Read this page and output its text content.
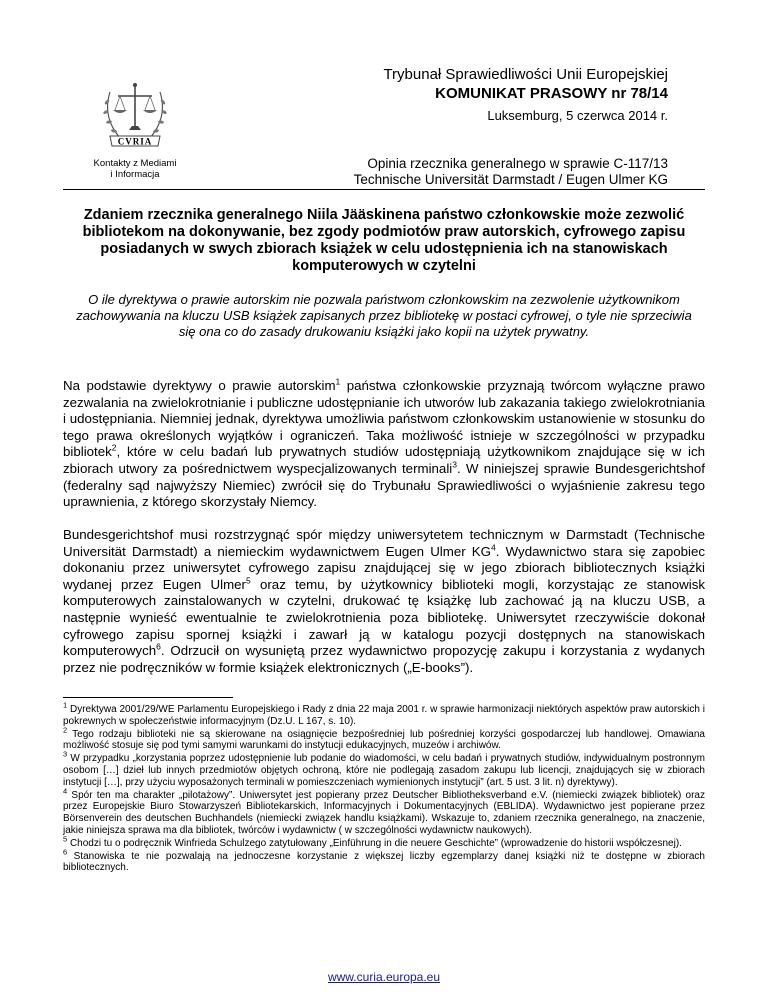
CVRIA
Kontakty z Mediami
i Informacja
Trybunał Sprawiedliwości Unii Europejskiej
KOMUNIKAT PRASOWY nr 78/14
Luksemburg, 5 czerwca 2014 r.
Opinia rzecznika generalnego w sprawie C-117/13
Technische Universität Darmstadt / Eugen Ulmer KG
Zdaniem rzecznika generalnego Niila Jääskinena państwo członkowskie może zezwolić bibliotekom na dokonywanie, bez zgody podmiotów praw autorskich, cyfrowego zapisu posiadanych w swych zbiorach książek w celu udostępnienia ich na stanowiskach komputerowych w czytelni

O ile dyrektywa o prawie autorskim nie pozwala państwom członkowskim na zezwolenie użytkownikom zachowywania na kluczu USB książek zapisanych przez bibliotekę w postaci cyfrowej, o tyle nie sprzeciwia się ona co do zasady drukowaniu książki jako kopii na użytek prywatny.

Na podstawie dyrektywy o prawie autorskim$^1$ państwa członkowskie przyznają twórcom wyłączne prawo zezwalania na zwielokrotnianie i publiczne udostępnianie ich utworów lub zakazania takiego zwielokrotniania i udostępniania. Niemniej jednak, dyrektywa umożliwia państwom członkowskim ustanowienie w stosunku do tego prawa określonych wyjątków i ograniczeń. Taka możliwość istnieje w szczególności w przypadku bibliotek$^2$, które w celu badań lub prywatnych studiów udostępniają użytkownikom znajdujące się w ich zbiorach utwory za pośrednictwem wyspecjalizowanych terminali$^3$. W niniejszej sprawie Bundesgerichtshof (federalny sąd najwyższy Niemiec) zwrócił się do Trybunału Sprawiedliwości o wyjaśnienie zakresu tego uprawnienia, z którego skorzystały Niemcy.

Bundesgerichtshof musi rozstrzygnąć spór między uniwersytetem technicznym w Darmstadt (Technische Universität Darmstadt) a niemieckim wydawnictwem Eugen Ulmer $KG^4$. Wydawnictwo stara się zapobiec dokonaniu przez uniwersytet cyfrowego zapisu znajdującej się w jego zbiorach bibliotecznych książki wydanej przez Eugen Ulmer$^5$ oraz temu, by użytkownicy biblioteki mogli, korzystając ze stanowisk komputerowych zainstalowanych w czytelni, drukować tę książkę lub zachować ją na kluczu USB, a następnie wynieść ewentualnie te zwielokrotnienia poza bibliotekę. Uniwersytet rzeczywiście dokonał cyfrowego zapisu spornej książki i zawarł ją w katalogu pozycji dostępnych na stanowiskach komputerowych$^6$. Odrzucił on wysuniętą przez wydawnictwo propozycję zakupu i korzystania z wydanych przez nie podręczników w formie książek elektronicznych („E-books”).

$^1$ Dyrektywa 2001/29/WE Parlamentu Europejskiego i Rady z dnia 22 maja 2001 r. w sprawie harmonizacji niektórych aspektów praw autorskich i pokrewnych w społeczeństwie informacyjnym (Dz.U. L 167, s. 10).

$^2$ Tego rodzaju biblioteki nie są skierowane na osiągnięcie bezpośredniej lub pośredniej korzyści gospodarczej lub handlowej. Omawiana możliwość stosuje się pod tymi samymi warunkami do instytucji edukacyjnych, muzeów i archiwów.

$^3$ W przypadku „korzystania poprzez udostępnienie lub podanie do wiadomości, w celu badań i prywatnych studiów, indywidualnym postronnym osobom […] dzieł lub innych przedmiotów objętych ochroną, które nie podlegają zasadom zakupu lub licencji, znajdujących się w zbiorach instytucji […], przy użyciu wyposażonych terminali w pomieszczeniach wymienionych instytucji” (art. 5 ust. 3 lit. n) dyrektywy).

$^4$ Spór ten ma charakter „pilotażowy”. Uniwersytet jest popierany przez Deutscher Bibliotheksverband e.V. (niemiecki związek bibliotek) oraz przez Europejskie Biuro Stowarzyszeń Bibliotekarskich, Informacyjnych i Dokumentacyjnych (EBLIDA). Wydawnictwo jest popierane przez Börsenverein des deutschen Buchhandels (niemiecki związek handlu książkami). Wskazuje to, zdaniem rzecznika generalnego, na znaczenie, jakie niniejsza sprawa ma dla bibliotek, twórców i wydawnictw ( w szczególności wydawnictw naukowych).

$^5$ Chodzi tu o podręcznik Winfrieda Schulzego zatytułowany „Einführung in die neuere Geschichte” (wprowadzenie do historii współczesnej).

$^6$ Stanowiska te nie pozwalają na jednoczesne korzystanie z większej liczby egzemplarzy danej książki niż te dostępne w zbiorach bibliotecznych.

www.curia.europa.eu
